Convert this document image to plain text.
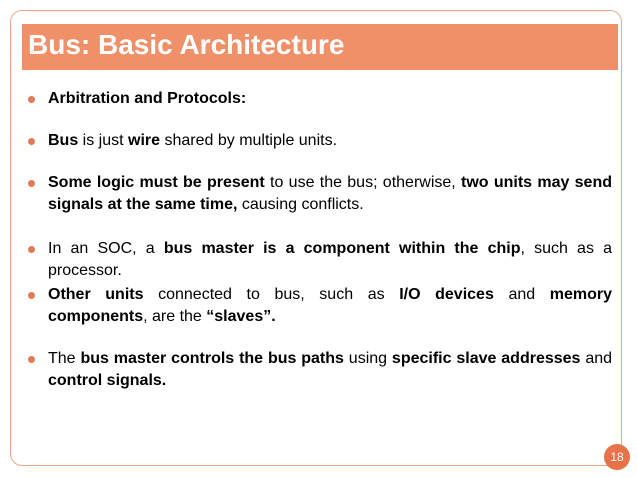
Bus: Basic Architecture
Arbitration and Protocols:
Bus is just wire shared by multiple units.
Some logic must be present to use the bus; otherwise, two units may send signals at the same time, causing conflicts.
In an SOC, a bus master is a component within the chip, such as a processor.
Other units connected to bus, such as I/O devices and memory components, are the “slaves”.
The bus master controls the bus paths using specific slave addresses and control signals.
18
